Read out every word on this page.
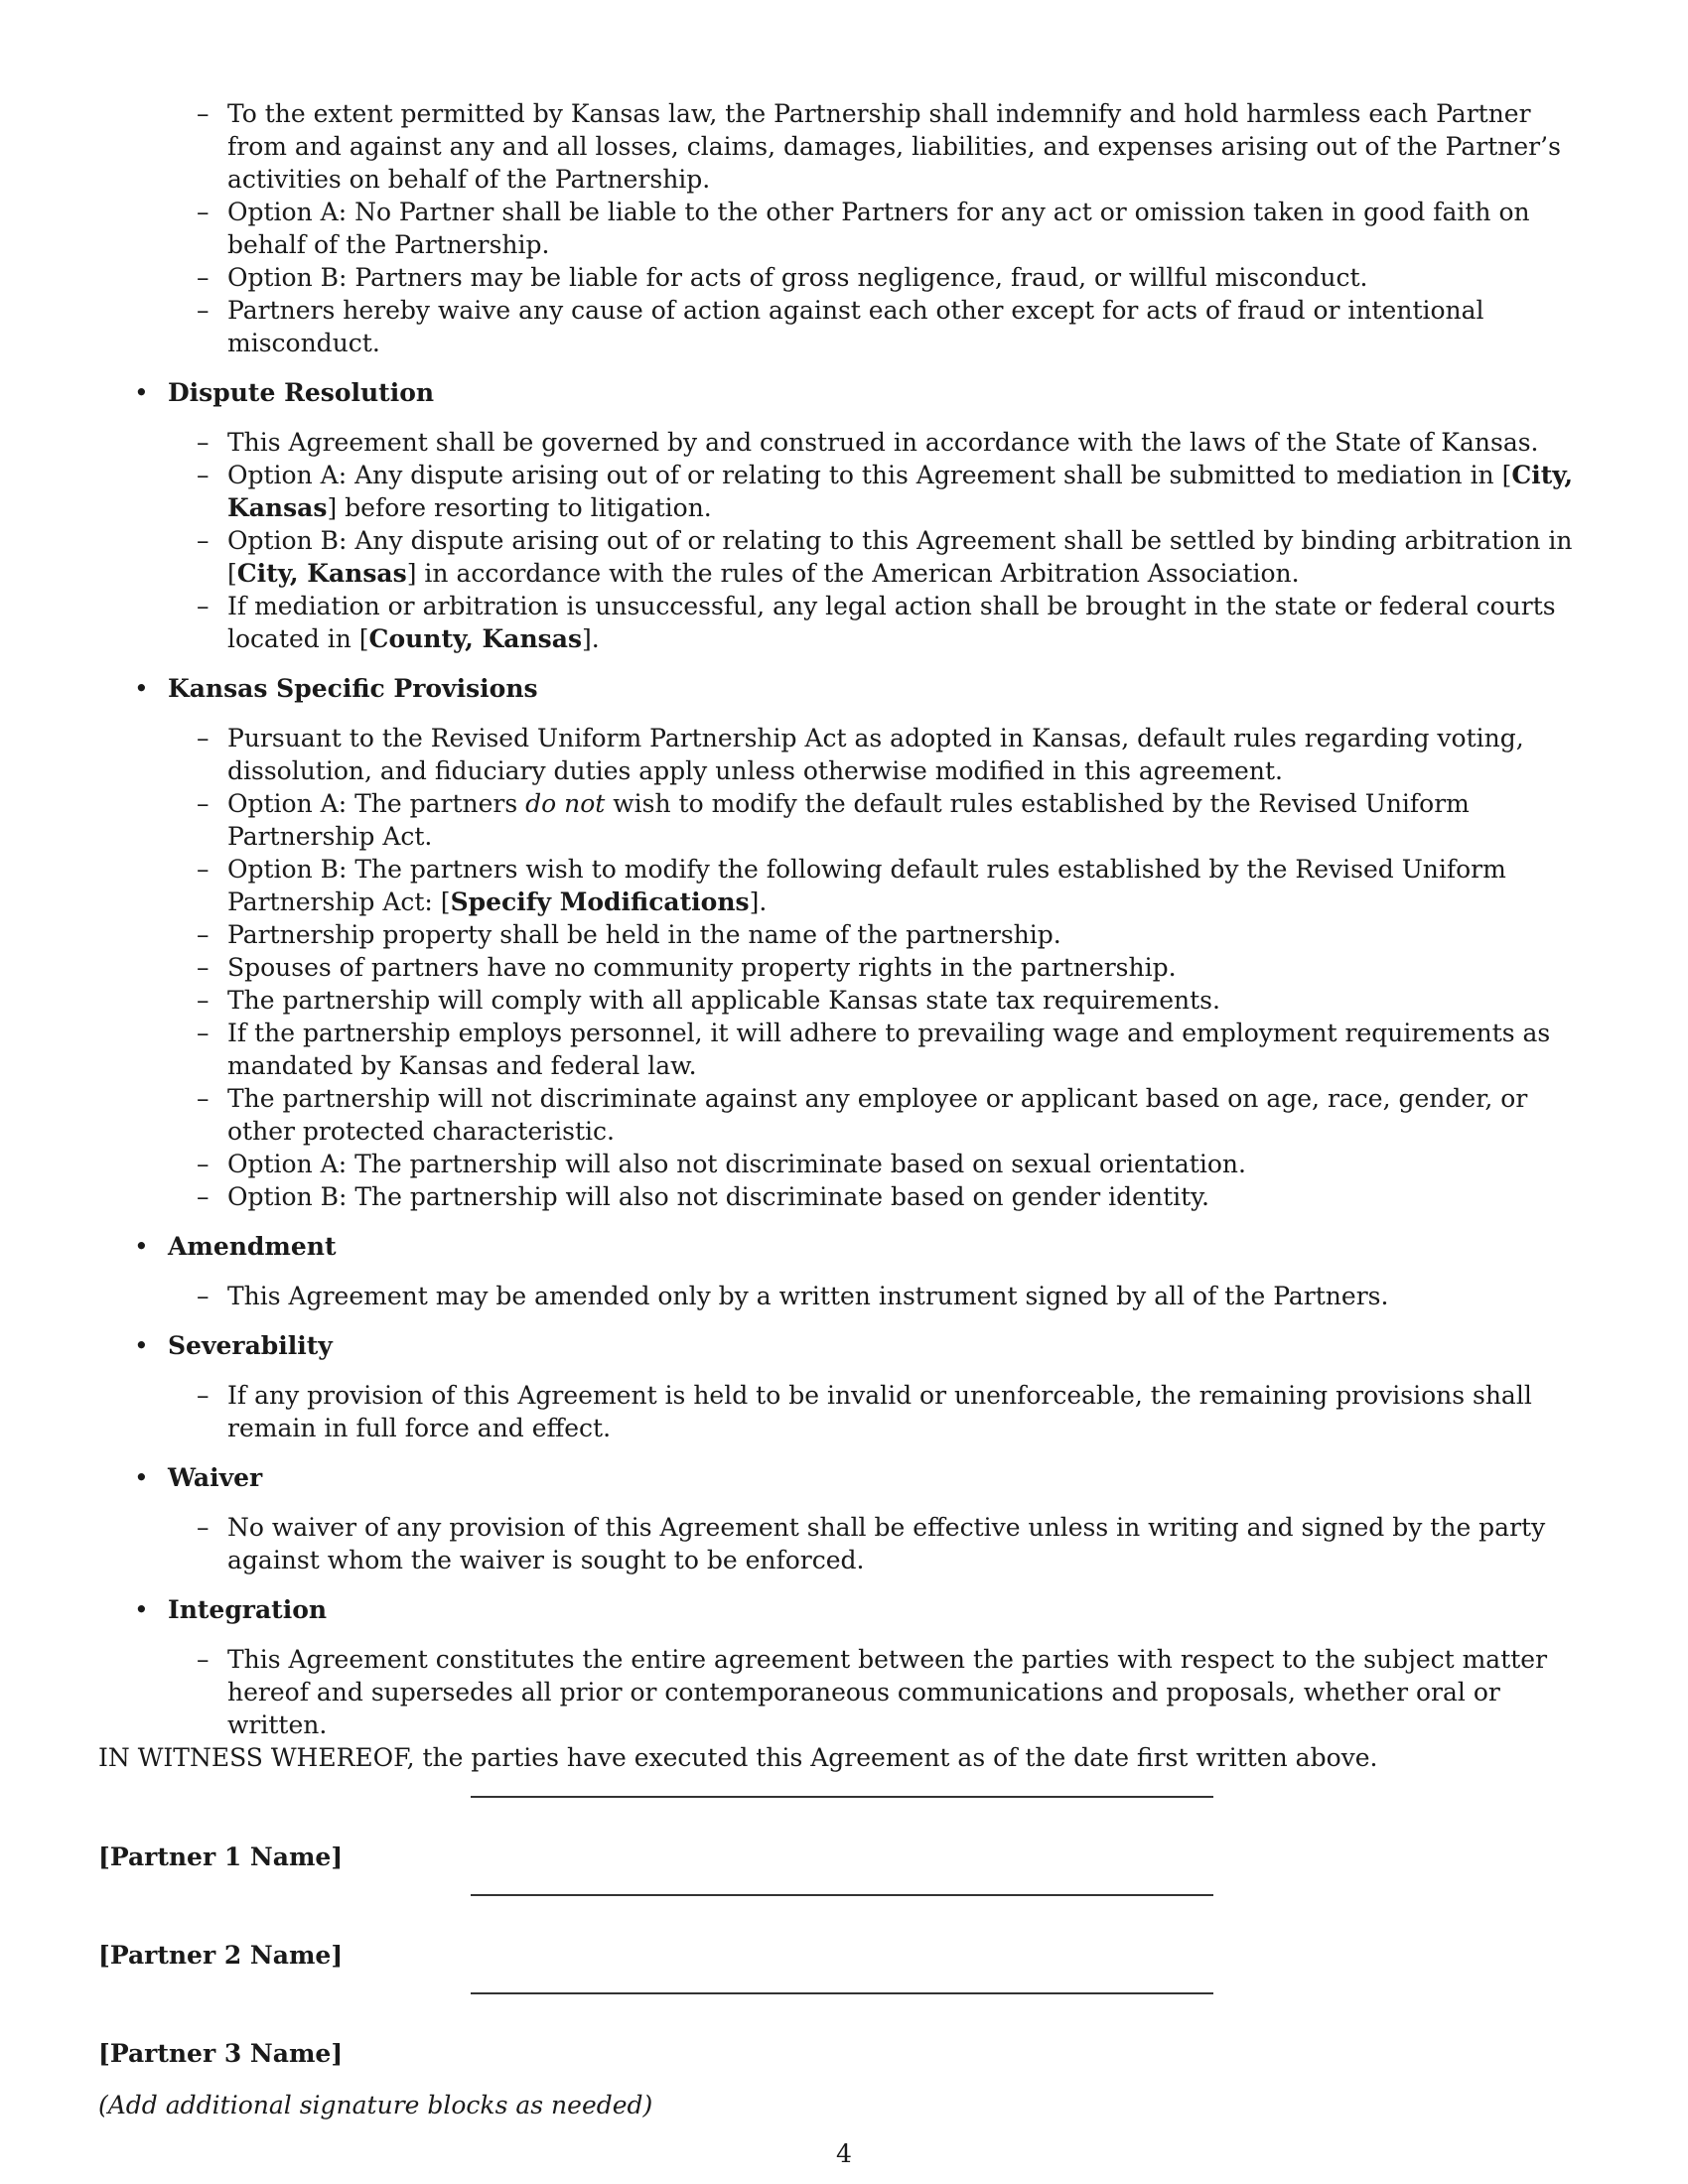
– To the extent permitted by Kansas law, the Partnership shall indemnify and hold harmless each Partner from and against any and all losses, claims, damages, liabilities, and expenses arising out of the Partner’s activities on behalf of the Partnership.
– Option A: No Partner shall be liable to the other Partners for any act or omission taken in good faith on behalf of the Partnership.
– Option B: Partners may be liable for acts of gross negligence, fraud, or willful misconduct.
– Partners hereby waive any cause of action against each other except for acts of fraud or intentional misconduct.
• Dispute Resolution
– This Agreement shall be governed by and construed in accordance with the laws of the State of Kansas.
– Option A: Any dispute arising out of or relating to this Agreement shall be submitted to mediation in [City, Kansas] before resorting to litigation.
– Option B: Any dispute arising out of or relating to this Agreement shall be settled by binding arbitration in [City, Kansas] in accordance with the rules of the American Arbitration Association.
– If mediation or arbitration is unsuccessful, any legal action shall be brought in the state or federal courts located in [County, Kansas].
• Kansas Specific Provisions
– Pursuant to the Revised Uniform Partnership Act as adopted in Kansas, default rules regarding voting, dissolution, and fiduciary duties apply unless otherwise modified in this agreement.
– Option A: The partners do not wish to modify the default rules established by the Revised Uniform Partnership Act.
– Option B: The partners wish to modify the following default rules established by the Revised Uniform Partnership Act: [Specify Modifications].
– Partnership property shall be held in the name of the partnership.
– Spouses of partners have no community property rights in the partnership.
– The partnership will comply with all applicable Kansas state tax requirements.
– If the partnership employs personnel, it will adhere to prevailing wage and employment requirements as mandated by Kansas and federal law.
– The partnership will not discriminate against any employee or applicant based on age, race, gender, or other protected characteristic.
– Option A: The partnership will also not discriminate based on sexual orientation.
– Option B: The partnership will also not discriminate based on gender identity.
• Amendment
– This Agreement may be amended only by a written instrument signed by all of the Partners.
• Severability
– If any provision of this Agreement is held to be invalid or unenforceable, the remaining provisions shall remain in full force and effect.
• Waiver
– No waiver of any provision of this Agreement shall be effective unless in writing and signed by the party against whom the waiver is sought to be enforced.
• Integration
– This Agreement constitutes the entire agreement between the parties with respect to the subject matter hereof and supersedes all prior or contemporaneous communications and proposals, whether oral or written.
IN WITNESS WHEREOF, the parties have executed this Agreement as of the date first written above.
[Partner 1 Name]
[Partner 2 Name]
[Partner 3 Name]
(Add additional signature blocks as needed)
4
